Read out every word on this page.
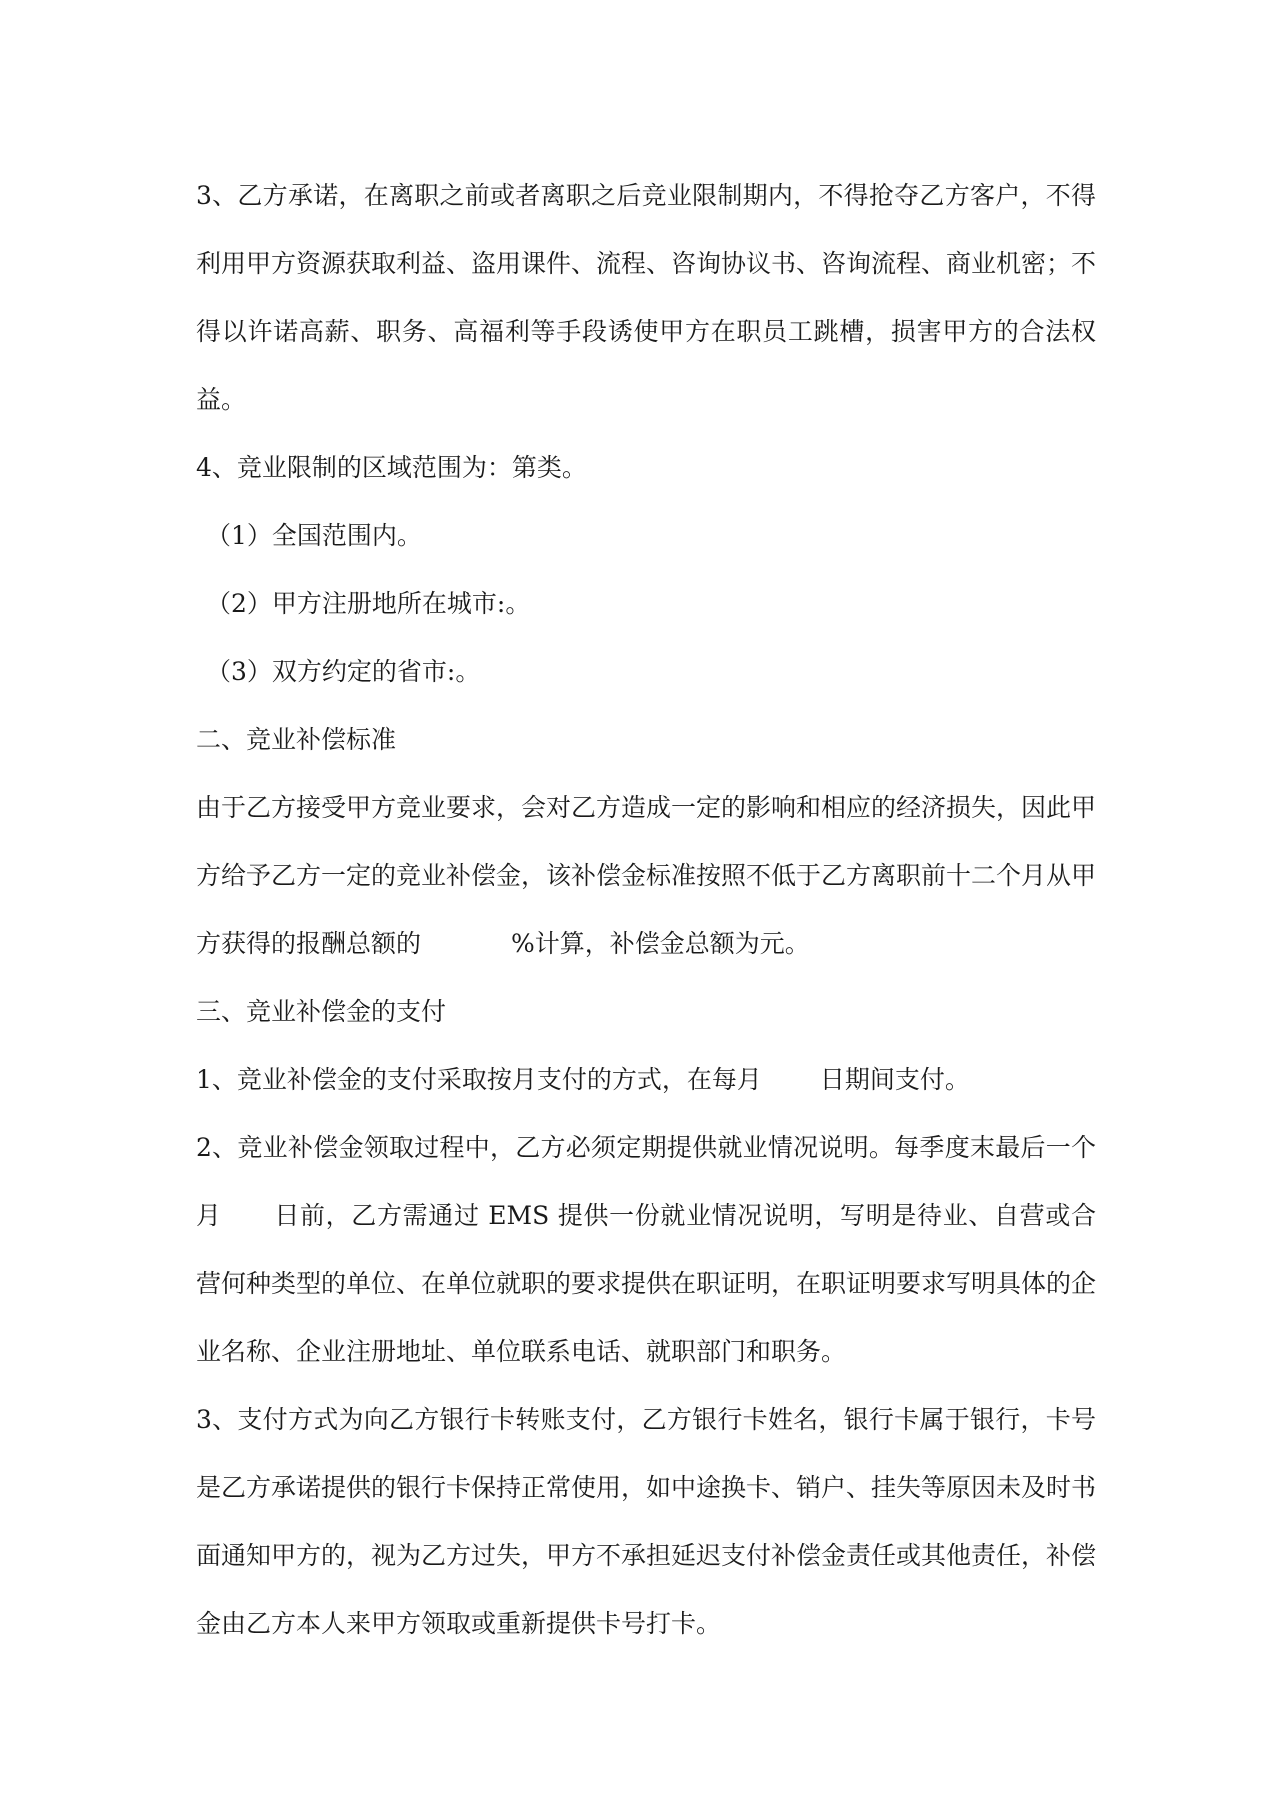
3、乙方承诺，在离职之前或者离职之后竞业限制期内，不得抢夺乙方客户，不得利用甲方资源获取利益、盗用课件、流程、咨询协议书、咨询流程、商业机密；不得以许诺高薪、职务、高福利等手段诱使甲方在职员工跳槽，损害甲方的合法权益。

4、竞业限制的区域范围为：第类。

（1）全国范围内。

（2）甲方注册地所在城市:。

（3）双方约定的省市:。

二、竞业补偿标准

由于乙方接受甲方竞业要求，会对乙方造成一定的影响和相应的经济损失，因此甲方给予乙方一定的竞业补偿金，该补偿金标准按照不低于乙方离职前十二个月从甲方获得的报酬总额的	%计算，补偿金总额为元。

三、竞业补偿金的支付

1、竞业补偿金的支付采取按月支付的方式，在每月 日期间支付。

2、竞业补偿金领取过程中，乙方必须定期提供就业情况说明。每季度末最后一个月 日前，乙方需通过 EMS 提供一份就业情况说明，写明是待业、自营或合营何种类型的单位、在单位就职的要求提供在职证明，在职证明要求写明具体的企业名称、企业注册地址、单位联系电话、就职部门和职务。

3、支付方式为向乙方银行卡转账支付，乙方银行卡姓名，银行卡属于银行，卡号是乙方承诺提供的银行卡保持正常使用，如中途换卡、销户、挂失等原因未及时书面通知甲方的，视为乙方过失，甲方不承担延迟支付补偿金责任或其他责任，补偿金由乙方本人来甲方领取或重新提供卡号打卡。
